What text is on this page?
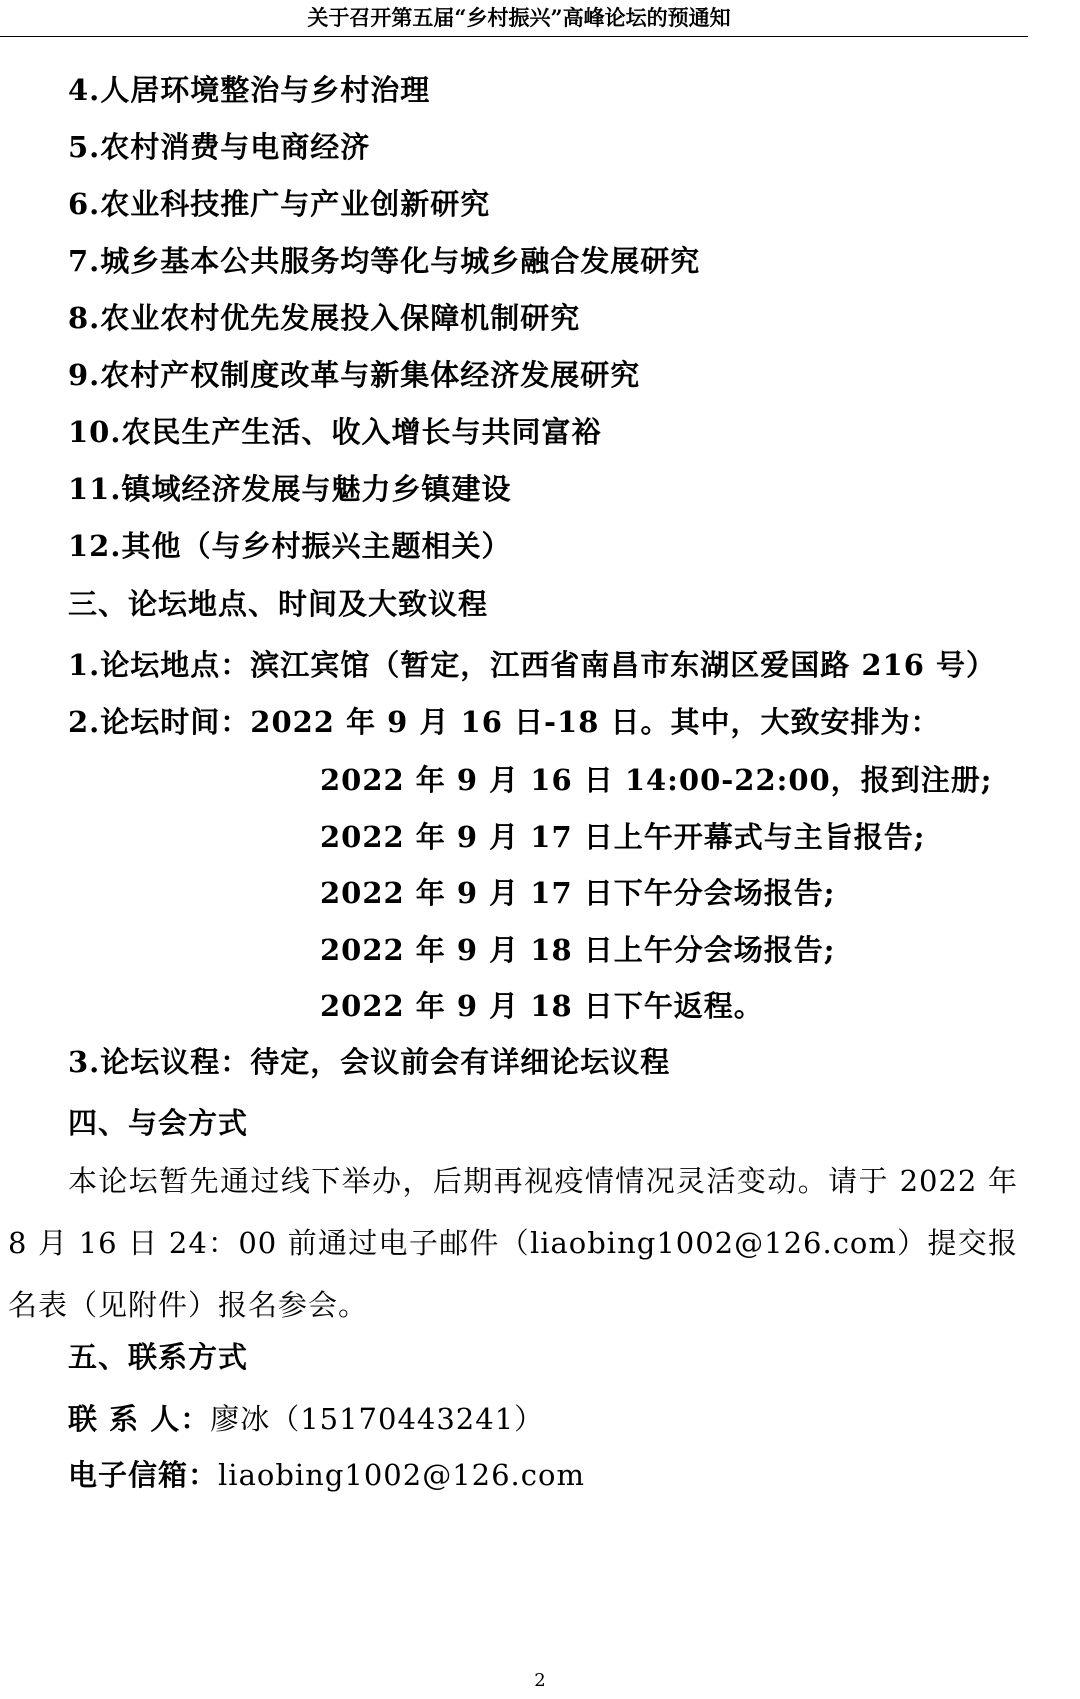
关于召开第五届“乡村振兴”高峰论坛的预通知
4.人居环境整治与乡村治理
5.农村消费与电商经济
6.农业科技推广与产业创新研究
7.城乡基本公共服务均等化与城乡融合发展研究
8.农业农村优先发展投入保障机制研究
9.农村产权制度改革与新集体经济发展研究
10.农民生产生活、收入增长与共同富裕
11.镇域经济发展与魅力乡镇建设
12.其他（与乡村振兴主题相关）
三、论坛地点、时间及大致议程
1.论坛地点：滨江宾馆（暂定，江西省南昌市东湖区爱国路 216 号）
2.论坛时间：2022 年 9 月 16 日-18 日。其中，大致安排为：
2022 年 9 月 16 日 14:00-22:00，报到注册;
2022 年 9 月 17 日上午开幕式与主旨报告;
2022 年 9 月 17 日下午分会场报告;
2022 年 9 月 18 日上午分会场报告;
2022 年 9 月 18 日下午返程。
3.论坛议程：待定，会议前会有详细论坛议程
四、与会方式
本论坛暂先通过线下举办，后期再视疫情情况灵活变动。请于 2022 年 8 月 16 日 24：00 前通过电子邮件（liaobing1002@126.com）提交报名表（见附件）报名参会。
五、联系方式
联 系 人：廖冰（15170443241）
电子信箱：liaobing1002@126.com
2
